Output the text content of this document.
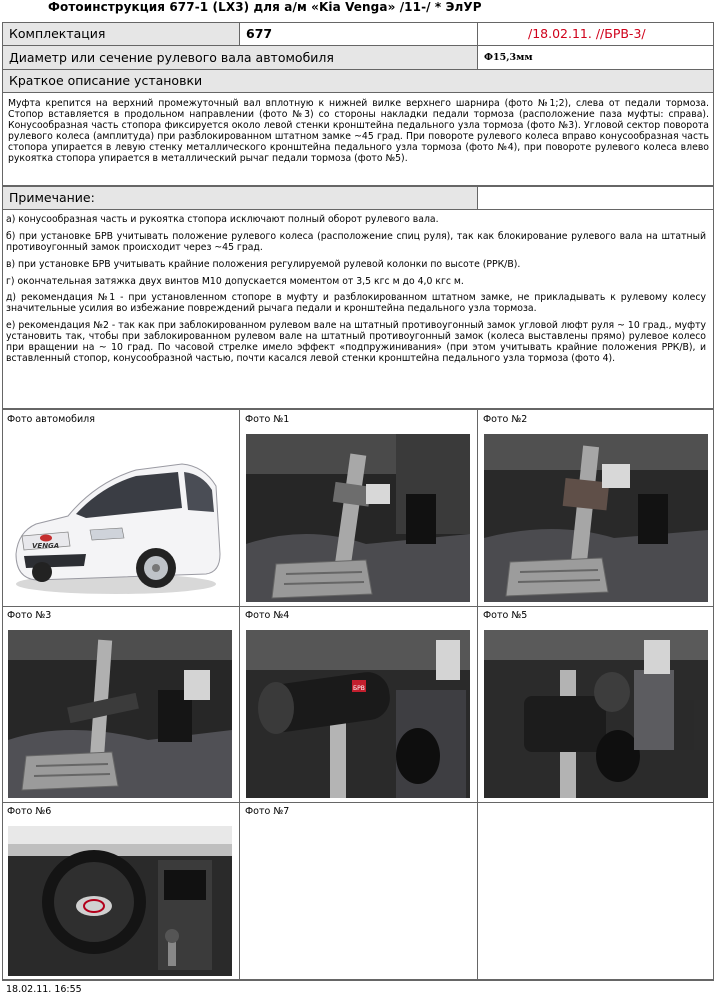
Фотоинструкция 677-1 (LX3) для а/м «Kia Venga» /11-/ * ЭлУР
Комплектация	677	/18.02.11. //БРВ-3/
Диаметр или сечение рулевого вала автомобиля	Ф15,3мм
Краткое описание установки
Муфта крепится на верхний промежуточный вал вплотную к нижней вилке верхнего шарнира (фото №1;2), слева от педали тормоза. Стопор вставляется в продольном направлении (фото №3) со стороны накладки педали тормоза (расположение паза муфты: справа). Конусообразная часть стопора фиксируется около левой стенки кронштейна педального узла тормоза (фото №3). Угловой сектор поворота рулевого колеса (амплитуда) при разблокированном штатном замке ~45 град. При повороте рулевого колеса вправо конусообразная часть стопора упирается в левую стенку металлического кронштейна педального узла тормоза (фото №4), при повороте рулевого колеса влево рукоятка стопора упирается в металлический рычаг педали тормоза (фото №5).
Примечание:
а) конусообразная часть и рукоятка стопора исключают полный оборот рулевого вала.
б) при установке БРВ учитывать положение рулевого колеса (расположение спиц руля), так как блокирование рулевого вала на штатный противоугонный замок происходит через ~45 град.
в) при установке БРВ учитывать крайние положения регулируемой рулевой колонки по высоте (РРК/В).
г) окончательная затяжка двух винтов М10 допускается моментом от 3,5 кгс м до 4,0 кгс м.
д) рекомендация №1 - при установленном стопоре в муфту и разблокированном штатном замке, не прикладывать к рулевому колесу значительные усилия во избежание повреждений рычага педали и кронштейна педального узла тормоза.
е) рекомендация №2 - так как при заблокированном рулевом вале на штатный противоугонный замок угловой люфт руля ~ 10 град., муфту установить так, чтобы при заблокированном рулевом вале на штатный противоугонный замок (колеса выставлены прямо) рулевое колесо при вращении на ~ 10 град. По часовой стрелке имело эффект «подпружинивания» (при этом учитывать крайние положения РРК/В), и вставленный стопор, конусообразной частью, почти касался левой стенки кронштейна педального узла тормоза (фото 4).
Фото автомобиля	Фото №1	Фото №2
Фото №3	Фото №4	Фото №5
Фото №6	Фото №7
VENGA
БРВ
18.02.11. 16:55
